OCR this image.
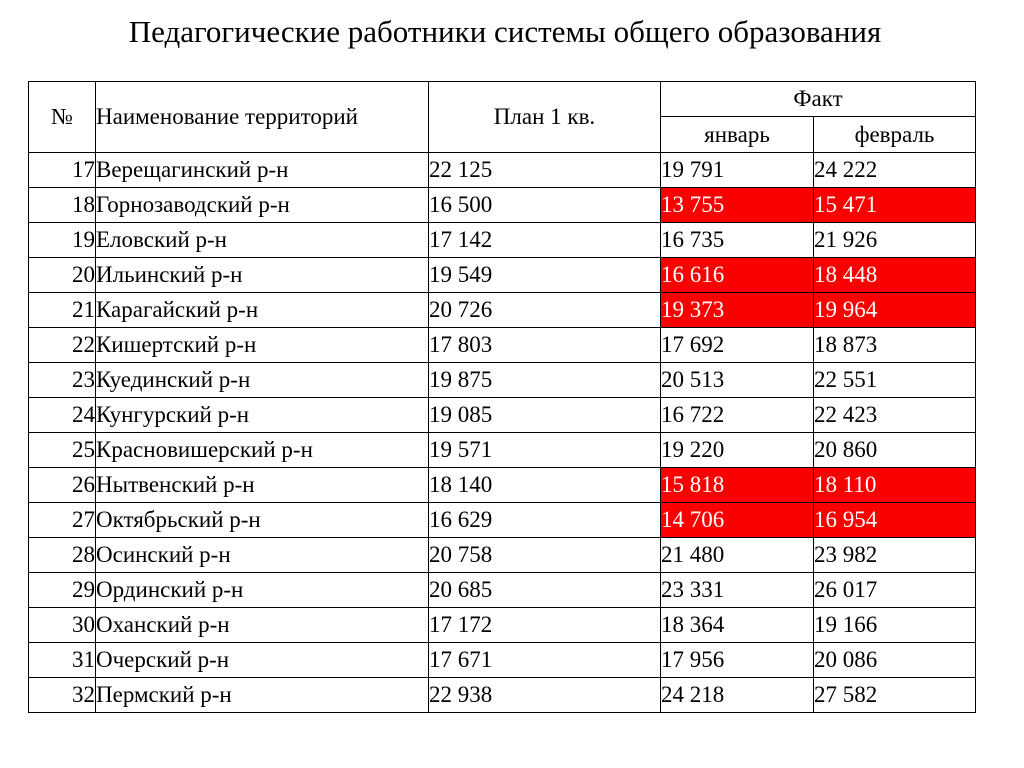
Педагогические работники системы общего образования
№	Наименование территорий	План 1 кв.	Факт	
			январь	февраль
17	Верещагинский р-н	22 125	19 791	24 222
18	Горнозаводский р-н	16 500	13 755	15 471
19	Еловский р-н	17 142	16 735	21 926
20	Ильинский р-н	19 549	16 616	18 448
21	Карагайский р-н	20 726	19 373	19 964
22	Кишертский р-н	17 803	17 692	18 873
23	Куединский р-н	19 875	20 513	22 551
24	Кунгурский р-н	19 085	16 722	22 423
25	Красновишерский р-н	19 571	19 220	20 860
26	Нытвенский р-н	18 140	15 818	18 110
27	Октябрьский р-н	16 629	14 706	16 954
28	Осинский р-н	20 758	21 480	23 982
29	Ординский р-н	20 685	23 331	26 017
30	Оханский р-н	17 172	18 364	19 166
31	Очерский р-н	17 671	17 956	20 086
32	Пермский р-н	22 938	24 218	27 582
